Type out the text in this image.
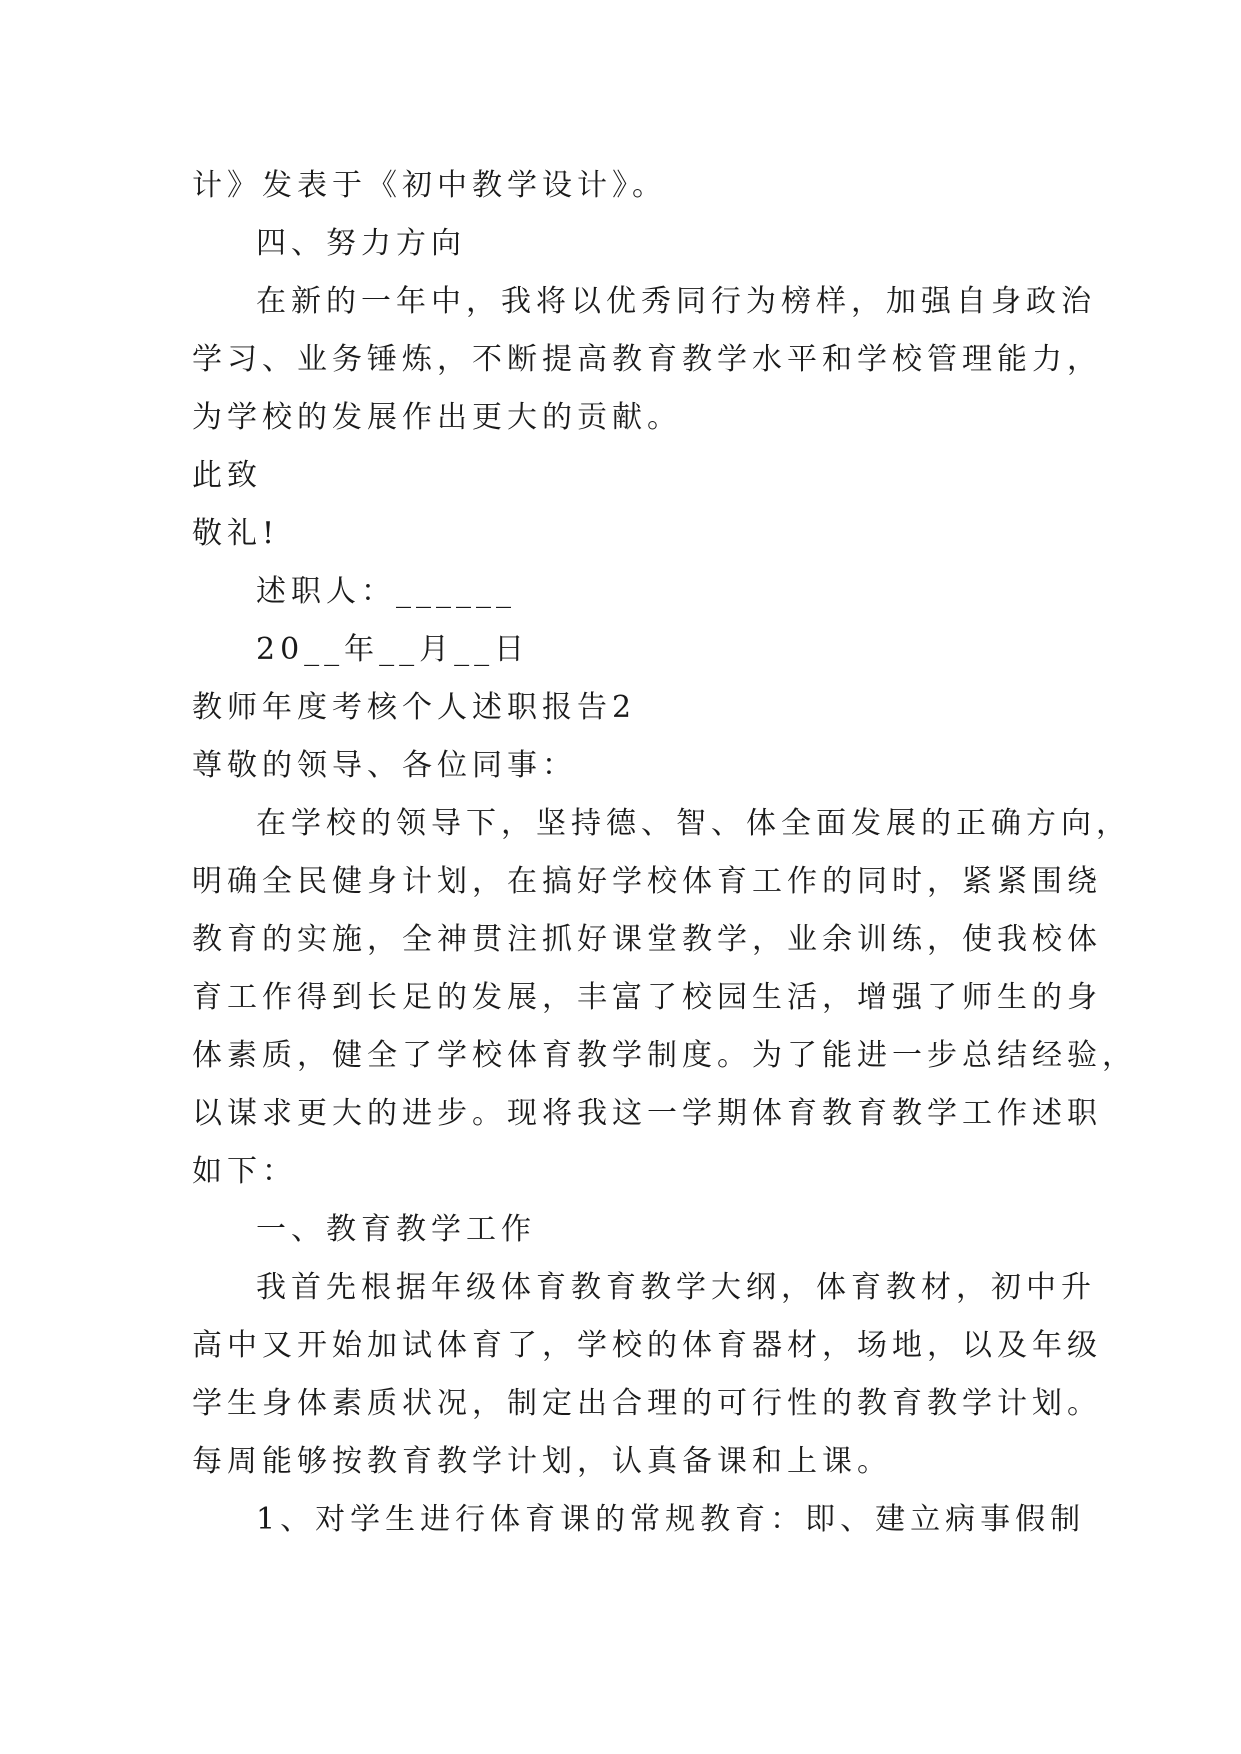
计》发表于《初中教学设计》。
四、努力方向
在新的一年中，我将以优秀同行为榜样，加强自身政治
学习、业务锤炼，不断提高教育教学水平和学校管理能力，
为学校的发展作出更大的贡献。
此致
敬礼!
述职人：______
20__年__月__日
教师年度考核个人述职报告2
尊敬的领导、各位同事：
在学校的领导下，坚持德、智、体全面发展的正确方向，
明确全民健身计划，在搞好学校体育工作的同时，紧紧围绕
教育的实施，全神贯注抓好课堂教学，业余训练，使我校体
育工作得到长足的发展，丰富了校园生活，增强了师生的身
体素质，健全了学校体育教学制度。为了能进一步总结经验，
以谋求更大的进步。现将我这一学期体育教育教学工作述职
如下：
一、教育教学工作
我首先根据年级体育教育教学大纲，体育教材，初中升
高中又开始加试体育了，学校的体育器材，场地，以及年级
学生身体素质状况，制定出合理的可行性的教育教学计划。
每周能够按教育教学计划，认真备课和上课。
1、对学生进行体育课的常规教育：即、建立病事假制
